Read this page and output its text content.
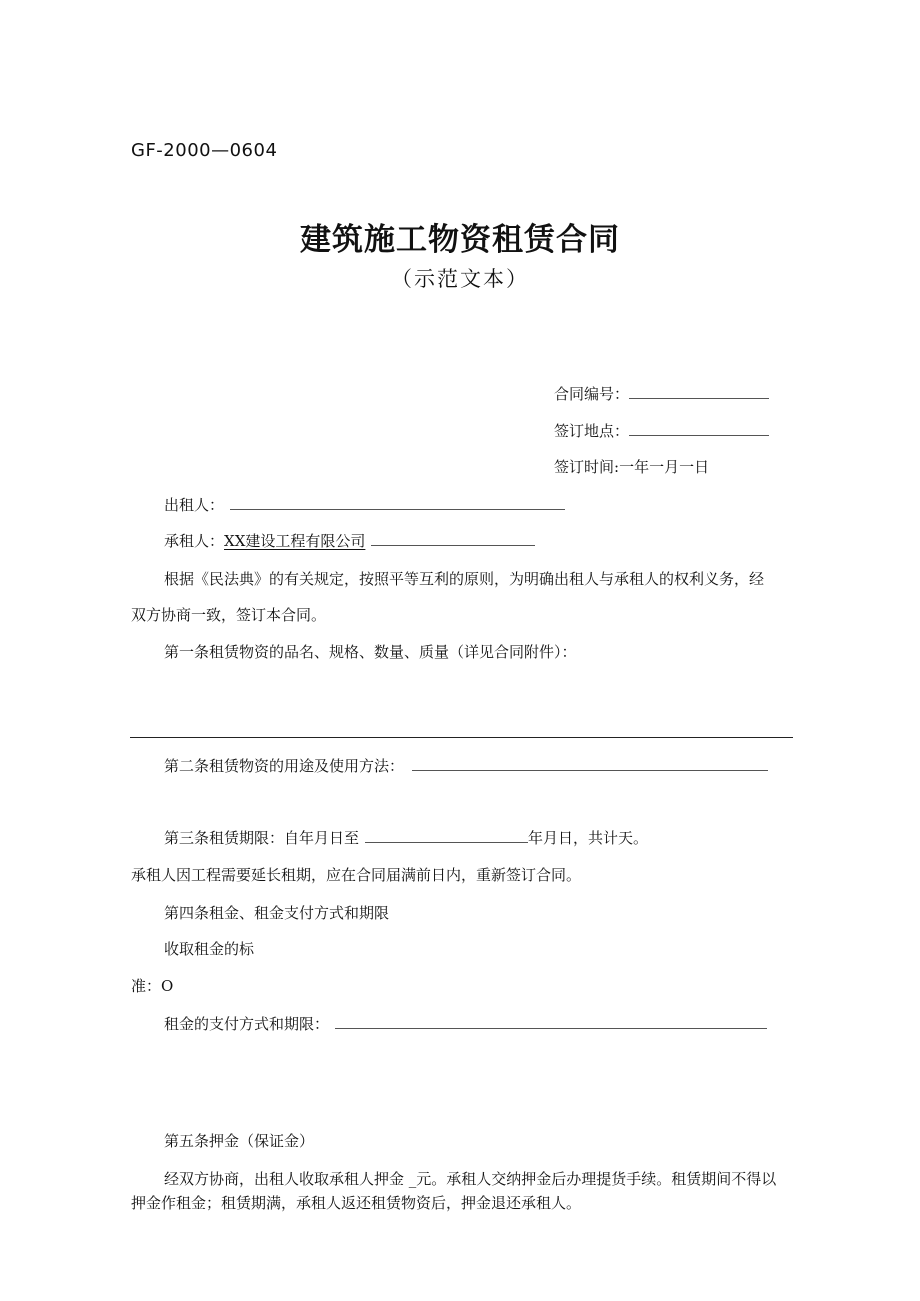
GF-2000—0604
建筑施工物资租赁合同
（示范文本）
合同编号：
签订地点：
签订时间:一年一月一日
出租人：
承租人：XX建设工程有限公司
根据《民法典》的有关规定，按照平等互利的原则，为明确出租人与承租人的权利义务，经
双方协商一致，签订本合同。
第一条租赁物资的品名、规格、数量、质量（详见合同附件）：
第二条租赁物资的用途及使用方法：
第三条租赁期限：自年月日至	年月日，共计天。
承租人因工程需要延长租期，应在合同届满前日内，重新签订合同。
第四条租金、租金支付方式和期限
收取租金的标
准：O
租金的支付方式和期限：
第五条押金（保证金）
经双方协商，出租人收取承租人押金 _元。承租人交纳押金后办理提货手续。租赁期间不得以
押金作租金；租赁期满，承租人返还租赁物资后，押金退还承租人。
